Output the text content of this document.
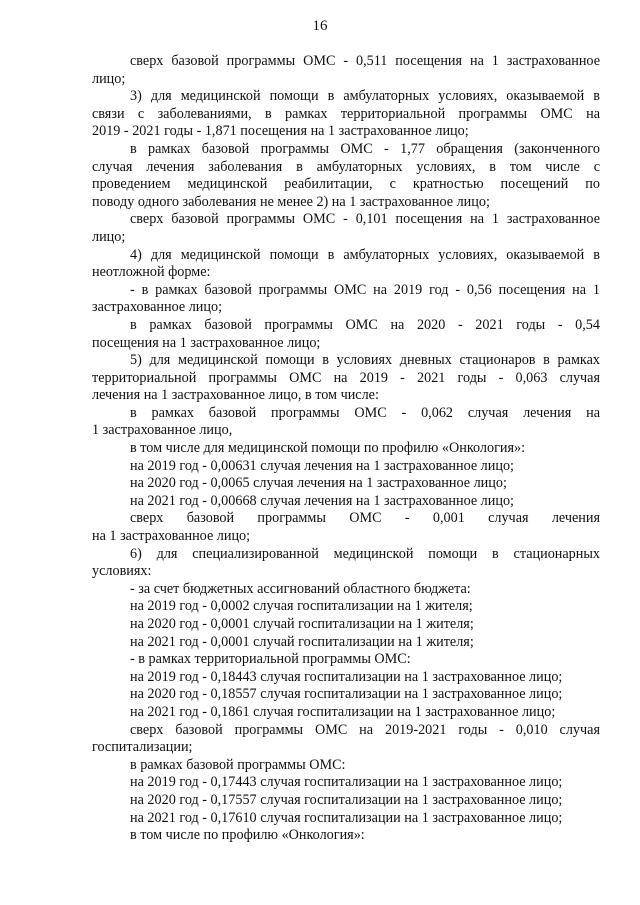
16
сверх базовой программы ОМС - 0,511 посещения на 1 застрахованное
лицо;
3) для медицинской помощи в амбулаторных условиях, оказываемой в
связи с заболеваниями, в рамках территориальной программы ОМС на
2019 - 2021 годы - 1,871 посещения на 1 застрахованное лицо;
в рамках базовой программы ОМС - 1,77 обращения (законченного
случая лечения заболевания в амбулаторных условиях, в том числе с
проведением медицинской реабилитации, с кратностью посещений по
поводу одного заболевания не менее 2) на 1 застрахованное лицо;
сверх базовой программы ОМС - 0,101 посещения на 1 застрахованное
лицо;
4) для медицинской помощи в амбулаторных условиях, оказываемой в
неотложной форме:
- в рамках базовой программы ОМС на 2019 год - 0,56 посещения на 1
застрахованное лицо;
в рамках базовой программы ОМС на 2020 - 2021 годы - 0,54
посещения на 1 застрахованное лицо;
5) для медицинской помощи в условиях дневных стационаров в рамках
территориальной программы ОМС на 2019 - 2021 годы - 0,063 случая
лечения на 1 застрахованное лицо, в том числе:
в рамках базовой программы ОМС - 0,062 случая лечения на
1 застрахованное лицо,
в том числе для медицинской помощи по профилю «Онкология»:
на 2019 год - 0,00631 случая лечения на 1 застрахованное лицо;
на 2020 год - 0,0065 случая лечения на 1 застрахованное лицо;
на 2021 год - 0,00668 случая лечения на 1 застрахованное лицо;
сверх базовой программы ОМС - 0,001 случая лечения
на 1 застрахованное лицо;
6) для специализированной медицинской помощи в стационарных
условиях:
- за счет бюджетных ассигнований областного бюджета:
на 2019 год - 0,0002 случая госпитализации на 1 жителя;
на 2020 год - 0,0001 случай госпитализации на 1 жителя;
на 2021 год - 0,0001 случай госпитализации на 1 жителя;
- в рамках территориальной программы ОМС:
на 2019 год - 0,18443 случая госпитализации на 1 застрахованное лицо;
на 2020 год - 0,18557 случая госпитализации на 1 застрахованное лицо;
на 2021 год - 0,1861 случая госпитализации на 1 застрахованное лицо;
сверх базовой программы ОМС на 2019-2021 годы - 0,010 случая
госпитализации;
в рамках базовой программы ОМС:
на 2019 год - 0,17443 случая госпитализации на 1 застрахованное лицо;
на 2020 год - 0,17557 случая госпитализации на 1 застрахованное лицо;
на 2021 год - 0,17610 случая госпитализации на 1 застрахованное лицо;
в том числе по профилю «Онкология»:
